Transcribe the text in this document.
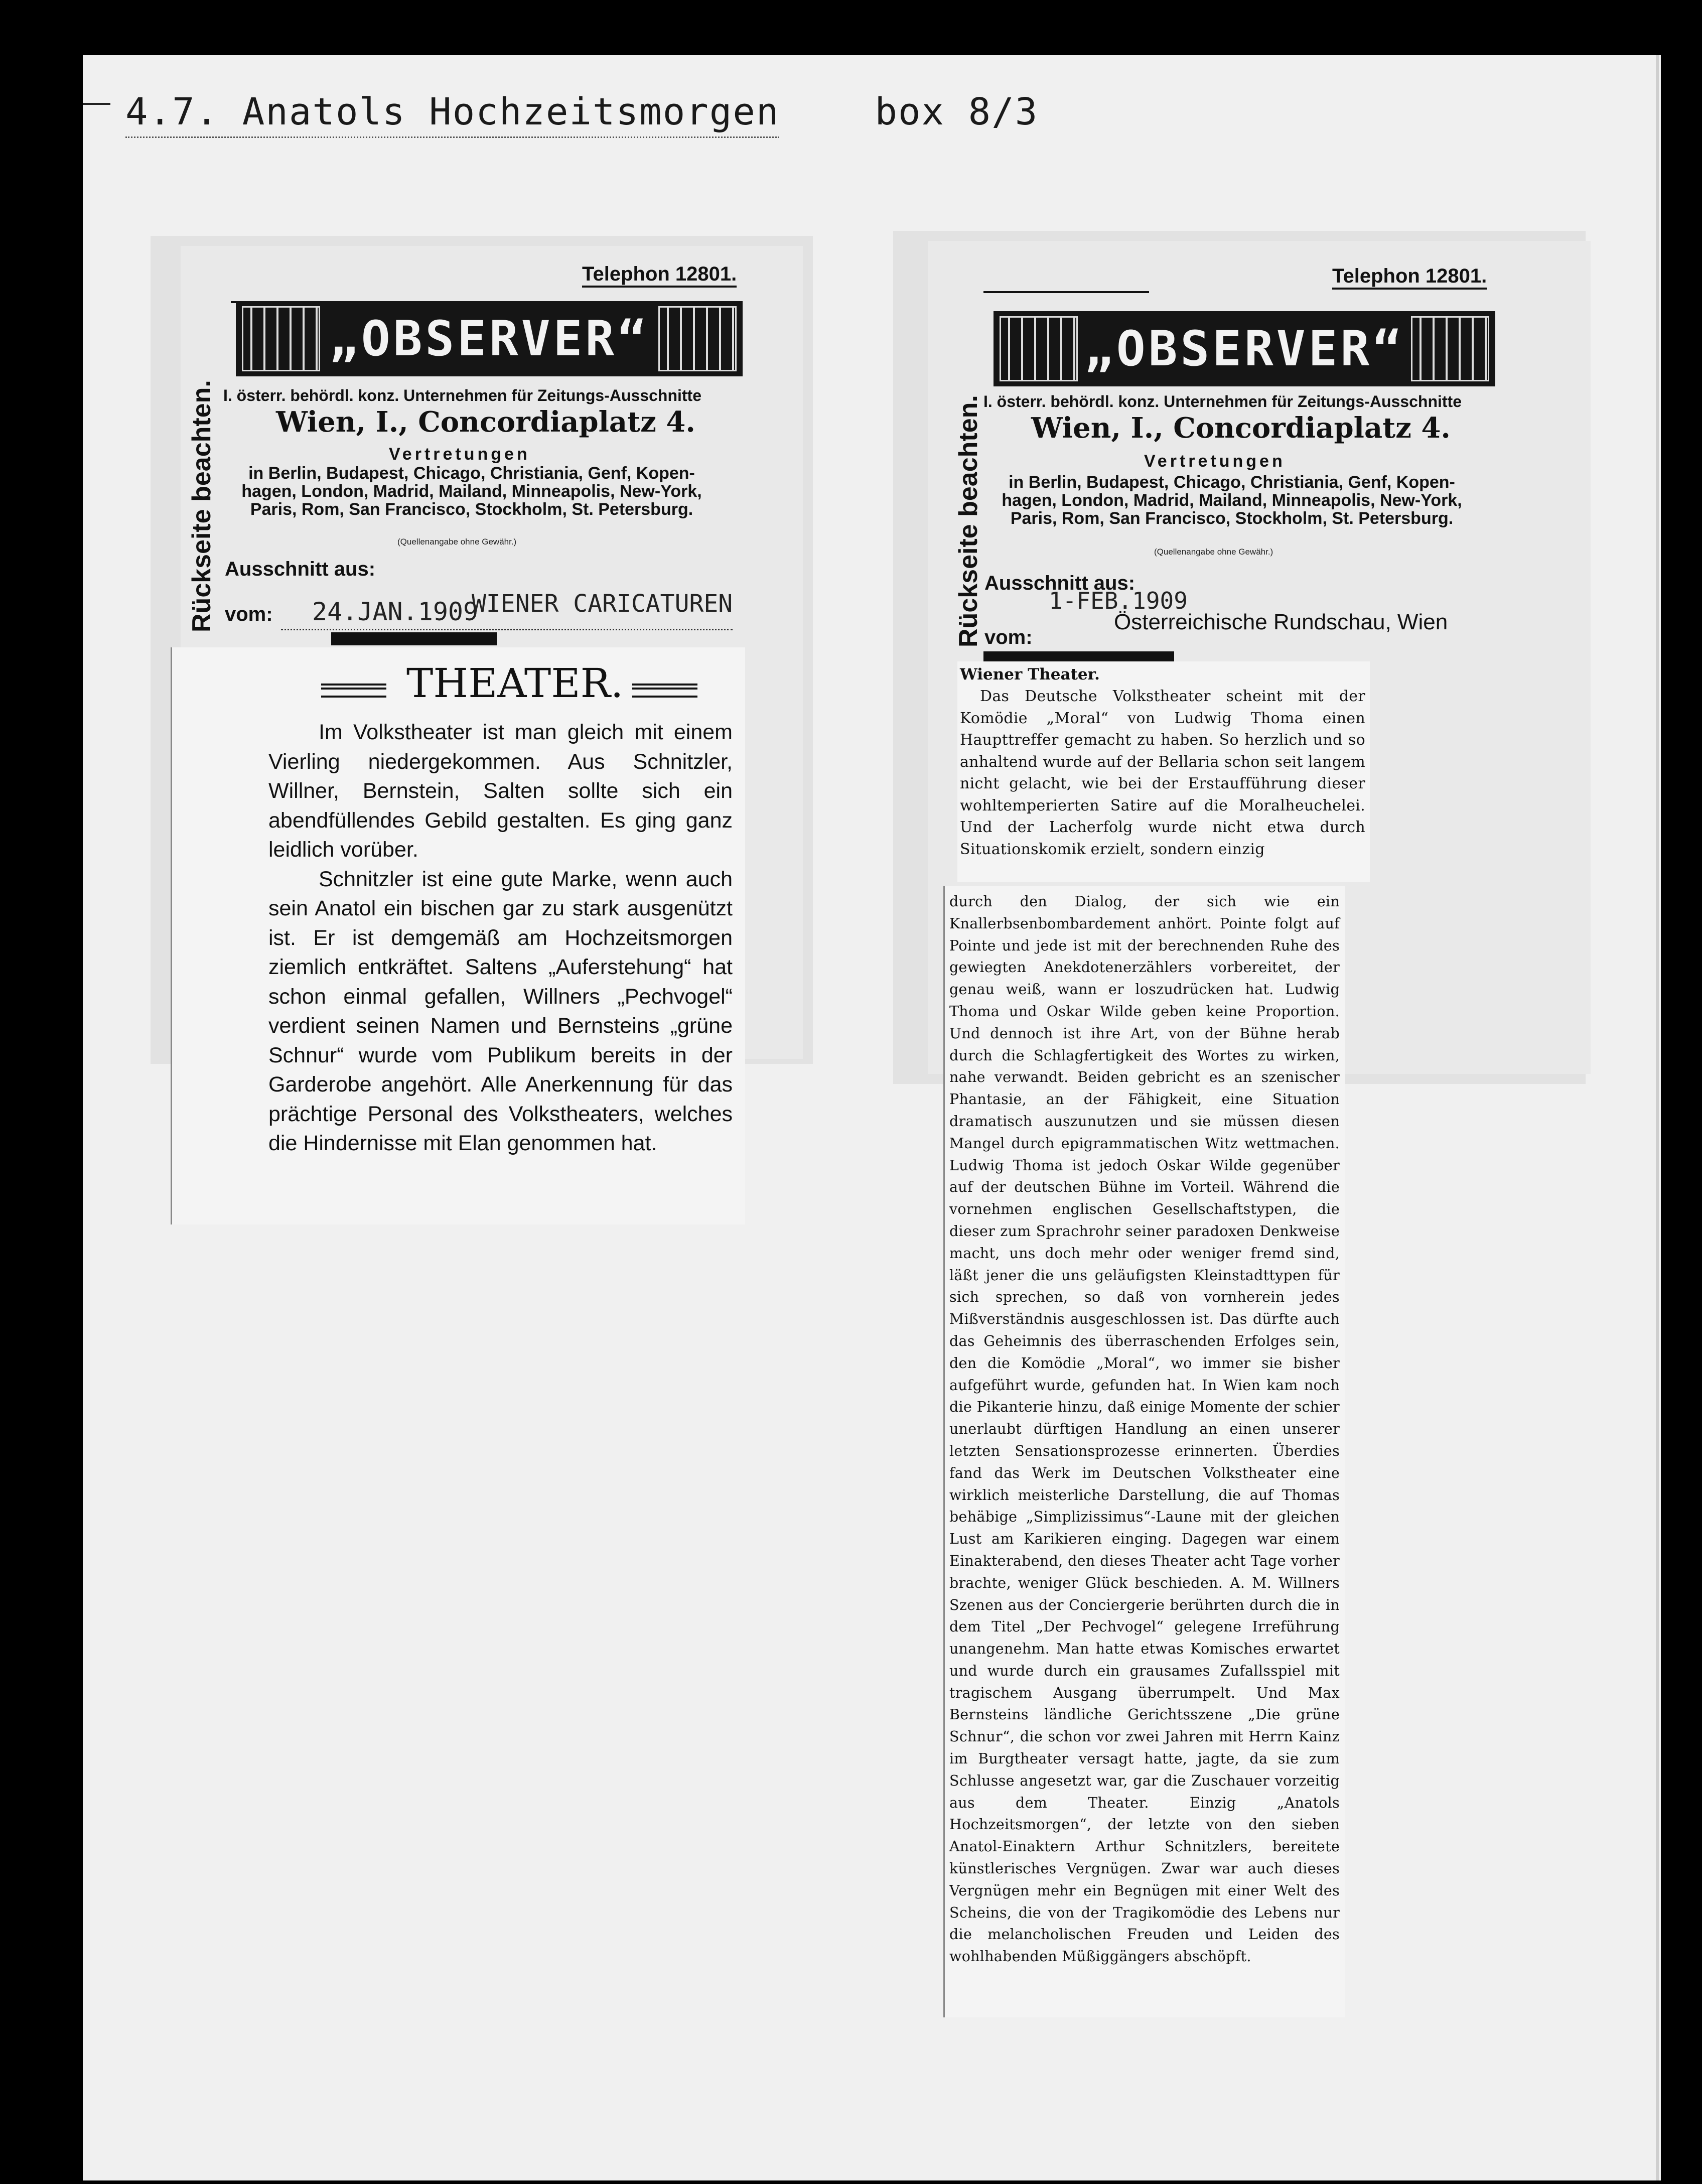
4.7. Anatols Hochzeitsmorgen	box 8/3
Telephon 12801.
Rückseite beachten.
„OBSERVER“
I. österr. behördl. konz. Unternehmen für Zeitungs-Ausschnitte
Wien, I., Concordiaplatz 4.
Vertretungen
in Berlin, Budapest, Chicago, Christiania, Genf, Kopen-
hagen, London, Madrid, Mailand, Minneapolis, New-York,
Paris, Rom, San Francisco, Stockholm, St. Petersburg.
(Quellenangabe ohne Gewähr.)
Ausschnitt aus:
vom: 24.JAN.1909
WIENER CARICATUREN
THEATER.

Im Volkstheater ist man gleich mit einem Vierling niedergekommen. Aus Schnitzler, Willner, Bernstein, Salten sollte sich ein abendfüllendes Gebild gestalten. Es ging ganz leidlich vorüber.

Schnitzler ist eine gute Marke, wenn auch sein Anatol ein bischen gar zu stark ausgenützt ist. Er ist demgemäß am Hochzeitsmorgen ziemlich entkräftet. Saltens „Auferstehung“ hat schon einmal gefallen, Willners „Pechvogel“ verdient seinen Namen und Bernsteins „grüne Schnur“ wurde vom Publikum bereits in der Garderobe angehört. Alle Anerkennung für das prächtige Personal des Volkstheaters, welches die Hindernisse mit Elan genommen hat.

Telephon 12801.
Rückseite beachten.
„OBSERVER“
I. österr. behördl. konz. Unternehmen für Zeitungs-Ausschnitte
Wien, I., Concordiaplatz 4.
Vertretungen
in Berlin, Budapest, Chicago, Christiania, Genf, Kopen-
hagen, London, Madrid, Mailand, Minneapolis, New-York,
Paris, Rom, San Francisco, Stockholm, St. Petersburg.
(Quellenangabe ohne Gewähr.)
Ausschnitt aus:
1-FEB.1909
Österreichische Rundschau, Wien
vom:
Wiener Theater.

Das Deutsche Volkstheater scheint mit der Komödie „Moral“ von Ludwig Thoma einen Haupttreffer gemacht zu haben. So herzlich und so anhaltend wurde auf der Bellaria schon seit langem nicht gelacht, wie bei der Erstaufführung dieser wohltemperierten Satire auf die Moralheuchelei. Und der Lacherfolg wurde nicht etwa durch Situationskomik erzielt, sondern einzig

durch den Dialog, der sich wie ein Knallerbsenbombardement anhört. Pointe folgt auf Pointe und jede ist mit der berechnenden Ruhe des gewiegten Anekdotenerzählers vorbereitet, der genau weiß, wann er loszudrücken hat. Ludwig Thoma und Oskar Wilde geben keine Proportion. Und dennoch ist ihre Art, von der Bühne herab durch die Schlagfertigkeit des Wortes zu wirken, nahe verwandt. Beiden gebricht es an szenischer Phantasie, an der Fähigkeit, eine Situation dramatisch auszunutzen und sie müssen diesen Mangel durch epigrammatischen Witz wettmachen. Ludwig Thoma ist jedoch Oskar Wilde gegenüber auf der deutschen Bühne im Vorteil. Während die vornehmen englischen Gesellschaftstypen, die dieser zum Sprachrohr seiner paradoxen Denkweise macht, uns doch mehr oder weniger fremd sind, läßt jener die uns geläufigsten Kleinstadttypen für sich sprechen, so daß von vornherein jedes Mißverständnis ausgeschlossen ist. Das dürfte auch das Geheimnis des überraschenden Erfolges sein, den die Komödie „Moral“, wo immer sie bisher aufgeführt wurde, gefunden hat. In Wien kam noch die Pikanterie hinzu, daß einige Momente der schier unerlaubt dürftigen Handlung an einen unserer letzten Sensationsprozesse erinnerten. Überdies fand das Werk im Deutschen Volkstheater eine wirklich meisterliche Darstellung, die auf Thomas behäbige „Simplizissimus“-Laune mit der gleichen Lust am Karikieren einging. Dagegen war einem Einakterabend, den dieses Theater acht Tage vorher brachte, weniger Glück beschieden. A. M. Willners Szenen aus der Conciergerie berührten durch die in dem Titel „Der Pechvogel“ gelegene Irreführung unangenehm. Man hatte etwas Komisches erwartet und wurde durch ein grausames Zufallsspiel mit tragischem Ausgang überrumpelt. Und Max Bernsteins ländliche Gerichtsszene „Die grüne Schnur“, die schon vor zwei Jahren mit Herrn Kainz im Burgtheater versagt hatte, jagte, da sie zum Schlusse angesetzt war, gar die Zuschauer vorzeitig aus dem Theater. Einzig „Anatols Hochzeitsmorgen“, der letzte von den sieben Anatol-Einaktern Arthur Schnitzlers, bereitete künstlerisches Vergnügen. Zwar war auch dieses Vergnügen mehr ein Begnügen mit einer Welt des Scheins, die von der Tragikomödie des Lebens nur die melancholischen Freuden und Leiden des wohlhabenden Müßiggängers abschöpft.
